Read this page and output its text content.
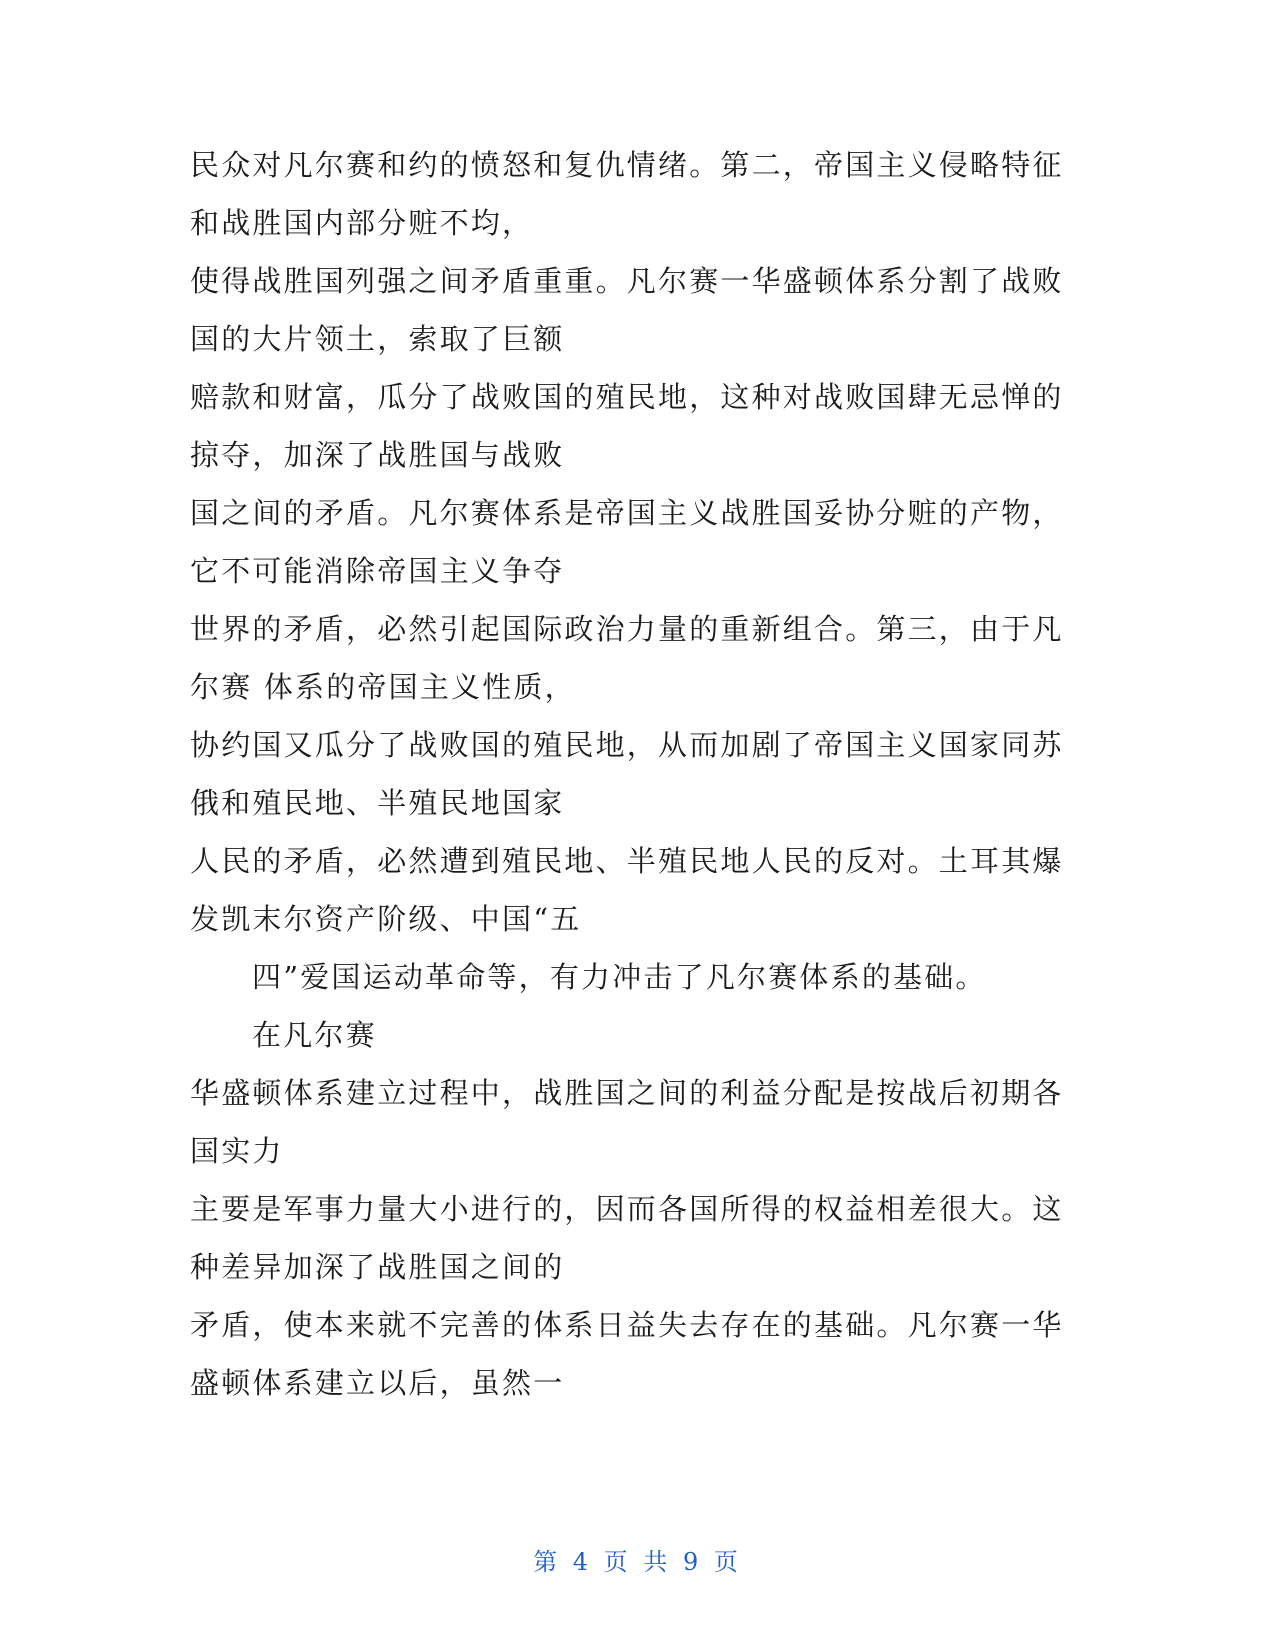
民众对凡尔赛和约的愤怒和复仇情绪。第二，帝国主义侵略特征
和战胜国内部分赃不均，
使得战胜国列强之间矛盾重重。凡尔赛一华盛顿体系分割了战败
国的大片领土，索取了巨额
赔款和财富，瓜分了战败国的殖民地，这种对战败国肆无忌惮的
掠夺，加深了战胜国与战败
国之间的矛盾。凡尔赛体系是帝国主义战胜国妥协分赃的产物，
它不可能消除帝国主义争夺
世界的矛盾，必然引起国际政治力量的重新组合。第三，由于凡
尔赛 体系的帝国主义性质，
协约国又瓜分了战败国的殖民地，从而加剧了帝国主义国家同苏
俄和殖民地、半殖民地国家
人民的矛盾，必然遭到殖民地、半殖民地人民的反对。土耳其爆
发凯末尔资产阶级、中国“五
四”爱国运动革命等，有力冲击了凡尔赛体系的基础。
在凡尔赛
华盛顿体系建立过程中，战胜国之间的利益分配是按战后初期各
国实力
主要是军事力量大小进行的，因而各国所得的权益相差很大。这
种差异加深了战胜国之间的
矛盾，使本来就不完善的体系日益失去存在的基础。凡尔赛一华
盛顿体系建立以后，虽然一
第 4 页 共 9 页
